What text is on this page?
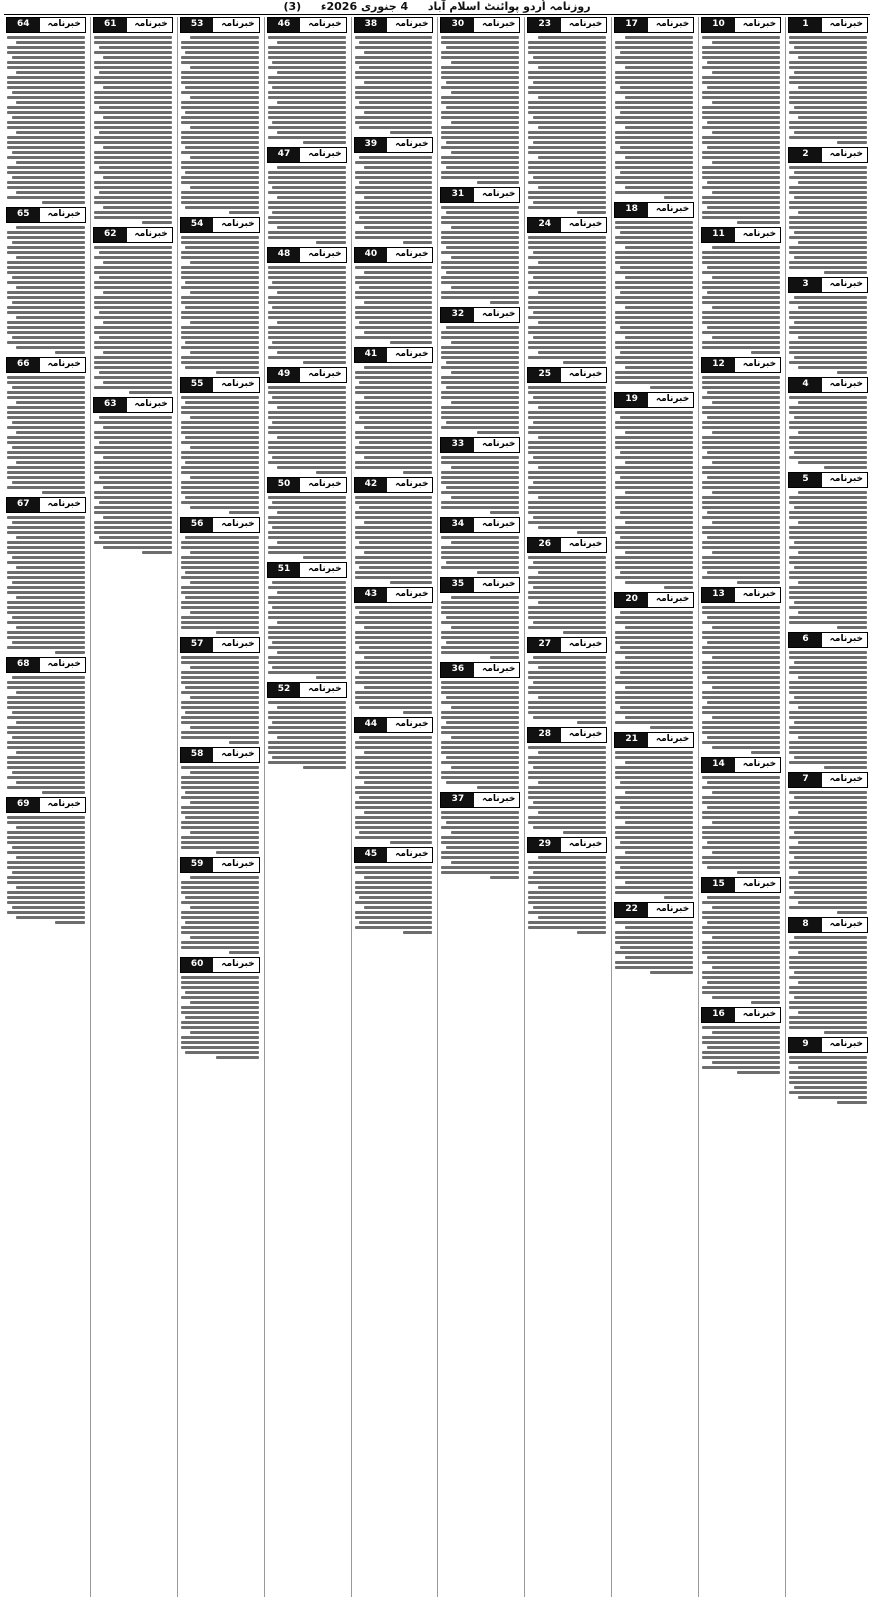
روزنامہ اُردو پوائنٹ اسلام آباد  4 جنوری 2026ء  (3)
خبرنامہ
1
خبرنامہ
2
خبرنامہ
3
خبرنامہ
4
خبرنامہ
5
خبرنامہ
6
خبرنامہ
7
خبرنامہ
8
خبرنامہ
9
خبرنامہ
10
خبرنامہ
11
خبرنامہ
12
خبرنامہ
13
خبرنامہ
14
خبرنامہ
15
خبرنامہ
16
خبرنامہ
17
خبرنامہ
18
خبرنامہ
19
خبرنامہ
20
خبرنامہ
21
خبرنامہ
22
خبرنامہ
23
خبرنامہ
24
خبرنامہ
25
خبرنامہ
26
خبرنامہ
27
خبرنامہ
28
خبرنامہ
29
خبرنامہ
30
خبرنامہ
31
خبرنامہ
32
خبرنامہ
33
خبرنامہ
34
خبرنامہ
35
خبرنامہ
36
خبرنامہ
37
خبرنامہ
38
خبرنامہ
39
خبرنامہ
40
خبرنامہ
41
خبرنامہ
42
خبرنامہ
43
خبرنامہ
44
خبرنامہ
45
خبرنامہ
46
خبرنامہ
47
خبرنامہ
48
خبرنامہ
49
خبرنامہ
50
خبرنامہ
51
خبرنامہ
52
خبرنامہ
53
خبرنامہ
54
خبرنامہ
55
خبرنامہ
56
خبرنامہ
57
خبرنامہ
58
خبرنامہ
59
خبرنامہ
60
خبرنامہ
61
خبرنامہ
62
خبرنامہ
63
خبرنامہ
64
خبرنامہ
65
خبرنامہ
66
خبرنامہ
67
خبرنامہ
68
خبرنامہ
69
